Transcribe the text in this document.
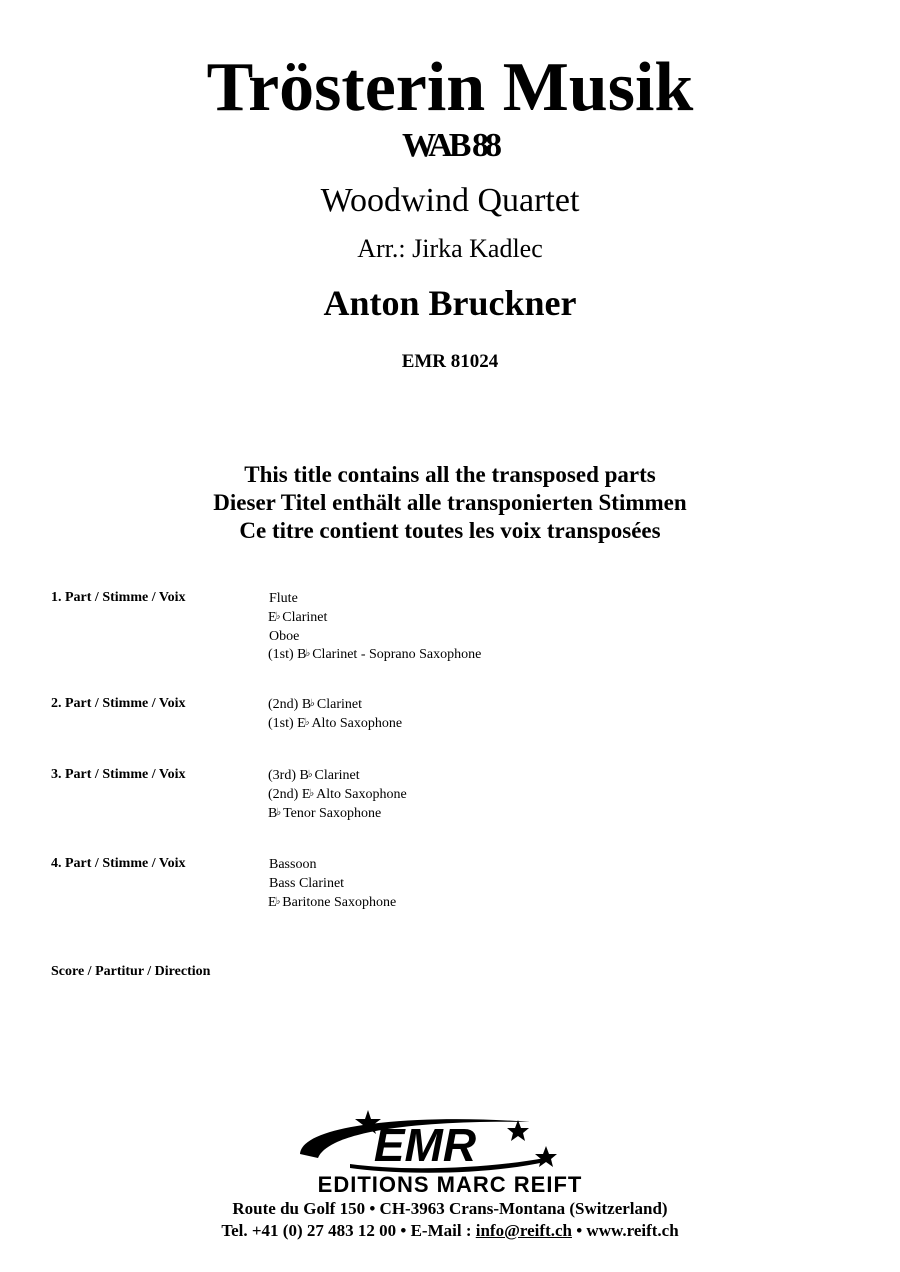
Trösterin Musik
WAB 88
Woodwind Quartet
Arr.: Jirka Kadlec
Anton Bruckner
EMR 81024
This title contains all the transposed parts
Dieser Titel enthält alle transponierten Stimmen
Ce titre contient toutes les voix transposées
1. Part / Stimme / Voix	Flute
E♭ Clarinet
Oboe
(1st) B♭ Clarinet - Soprano Saxophone
2. Part / Stimme / Voix	(2nd) B♭ Clarinet
(1st) E♭ Alto Saxophone
3. Part / Stimme / Voix	(3rd) B♭ Clarinet
(2nd) E♭ Alto Saxophone
B♭ Tenor Saxophone
4. Part / Stimme / Voix	Bassoon
Bass Clarinet
E♭ Baritone Saxophone
Score / Partitur / Direction
EMR
EDITIONS MARC REIFT
Route du Golf 150 • CH-3963 Crans-Montana (Switzerland)
Tel. +41 (0) 27 483 12 00 • E-Mail : info@reift.ch • www.reift.ch
